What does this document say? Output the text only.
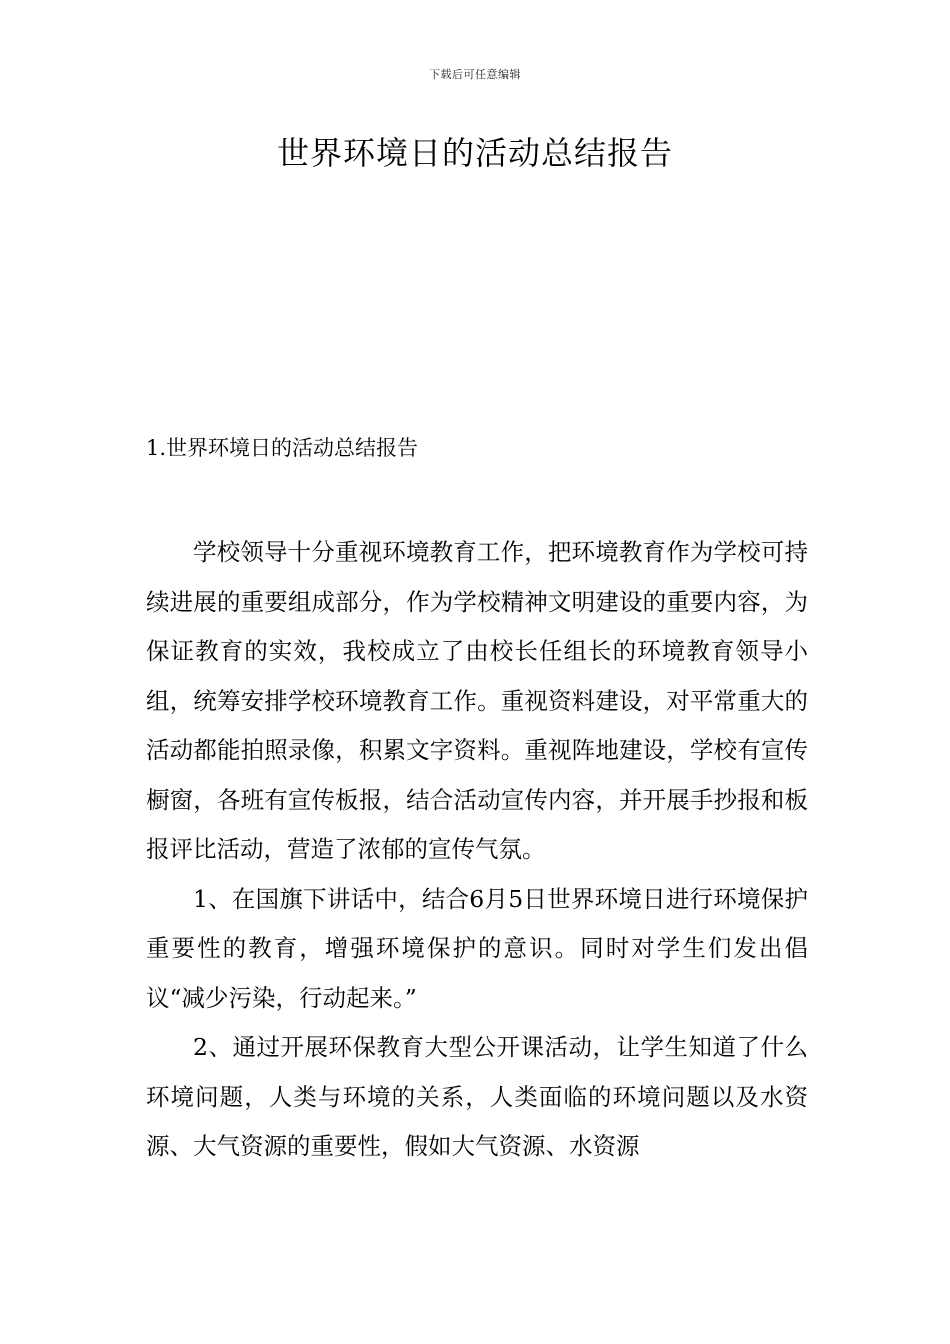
下载后可任意编辑
世界环境日的活动总结报告
1.世界环境日的活动总结报告

学校领导十分重视环境教育工作，把环境教育作为学校可持续进展的重要组成部分，作为学校精神文明建设的重要内容，为保证教育的实效，我校成立了由校长任组长的环境教育领导小组，统筹安排学校环境教育工作。重视资料建设，对平常重大的活动都能拍照录像，积累文字资料。重视阵地建设，学校有宣传橱窗，各班有宣传板报，结合活动宣传内容，并开展手抄报和板报评比活动，营造了浓郁的宣传气氛。

1、在国旗下讲话中，结合6月5日世界环境日进行环境保护重要性的教育，增强环境保护的意识。同时对学生们发出倡议“减少污染，行动起来。”

2、通过开展环保教育大型公开课活动，让学生知道了什么环境问题，人类与环境的关系，人类面临的环境问题以及水资源、大气资源的重要性，假如大气资源、水资源
